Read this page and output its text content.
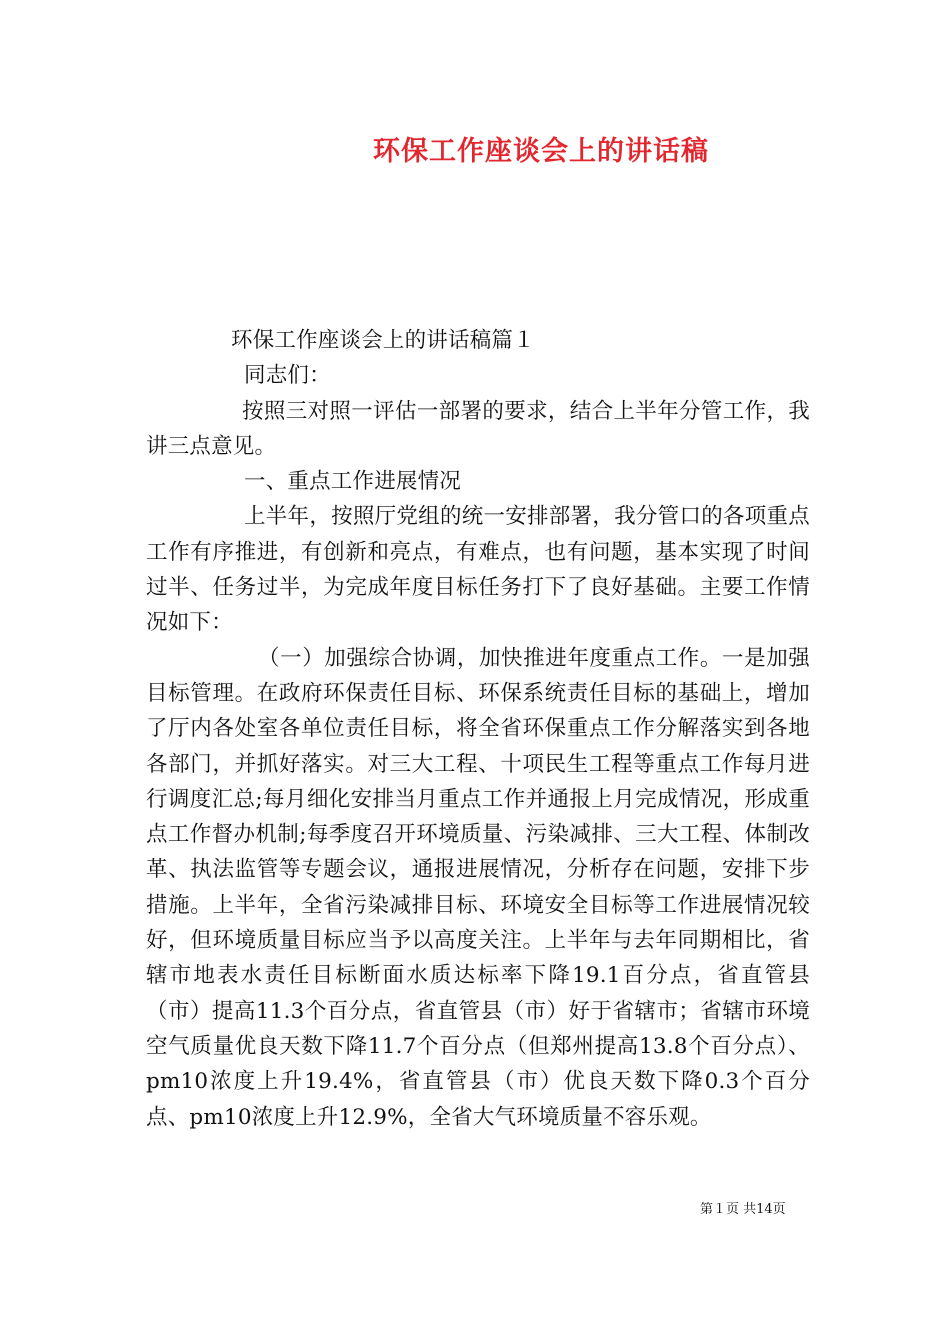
环保工作座谈会上的讲话稿

环保工作座谈会上的讲话稿篇１

同志们：

按照三对照一评估一部署的要求，结合上半年分管工作，我讲三点意见。

一、重点工作进展情况

上半年，按照厅党组的统一安排部署，我分管口的各项重点工作有序推进，有创新和亮点，有难点，也有问题，基本实现了时间过半、任务过半，为完成年度目标任务打下了良好基础。主要工作情况如下：

（一）加强综合协调，加快推进年度重点工作。一是加强目标管理。在政府环保责任目标、环保系统责任目标的基础上，增加了厅内各处室各单位责任目标，将全省环保重点工作分解落实到各地各部门，并抓好落实。对三大工程、十项民生工程等重点工作每月进行调度汇总;每月细化安排当月重点工作并通报上月完成情况，形成重点工作督办机制;每季度召开环境质量、污染减排、三大工程、体制改革、执法监管等专题会议，通报进展情况，分析存在问题，安排下步措施。上半年，全省污染减排目标、环境安全目标等工作进展情况较好，但环境质量目标应当予以高度关注。上半年与去年同期相比，省辖市地表水责任目标断面水质达标率下降19.1百分点，省直管县（市）提高11.3个百分点，省直管县（市）好于省辖市；省辖市环境空气质量优良天数下降11.7个百分点（但郑州提高13.8个百分点）、pm10浓度上升19.4%，省直管县（市）优良天数下降0.3个百分点、pm10浓度上升12.9%，全省大气环境质量不容乐观。

第１页 共14页
